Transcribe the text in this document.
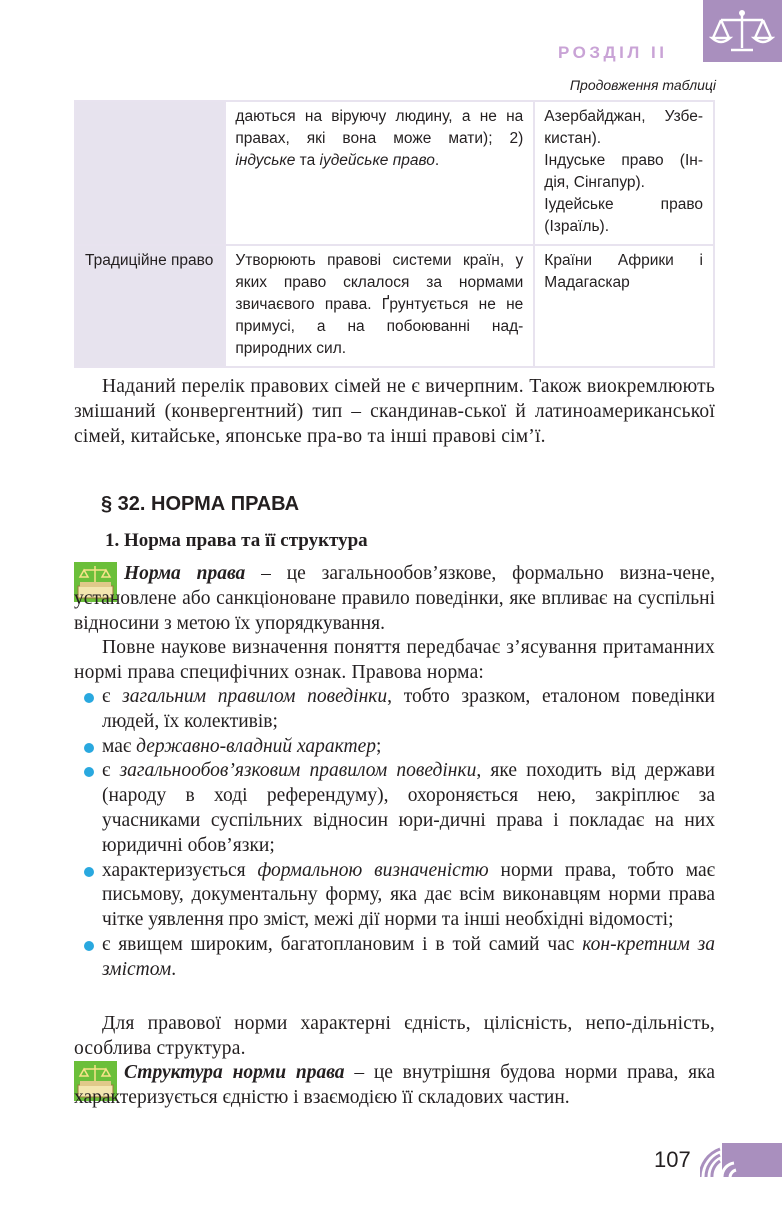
РОЗДІЛ II
Продовження таблиці
	даються на віруючу людину, а не на правах, які вона може мати); 2) індуське та іудейське право.	Азербайджан, Узбе-кистан).
Індуське право (Ін-дія, Сінгапур).
Іудейське право (Ізраїль).

Традиційне право	Утворюють правові системи країн, у яких право склалося за нормами звичаєвого права. Ґрунтується не не примусі, а на побоюванні над-природних сил.	Країни Африки і Мадагаскар

Наданий перелік правових сімей не є вичерпним. Також виокремлюють змішаний (конвергентний) тип – скандинав-ської й латиноамериканської сімей, китайське, японське пра-во та інші правові сім’ї.

§ 32. НОРМА ПРАВА
1. Норма права та її структура
Норма права – це загальнообов’язкове, формально визна-чене, установлене або санкціоноване правило поведінки, яке впливає на суспільні відносини з метою їх упорядкування.

Повне наукове визначення поняття передбачає з’ясування притаманних нормі права специфічних ознак. Правова норма:

є загальним правилом поведінки, тобто зразком, еталоном поведінки людей, їх колективів;
має державно-владний характер;
є загальнообов’язковим правилом поведінки, яке походить від держави (народу в ході референдуму), охороняється нею, закріплює за учасниками суспільних відносин юри-дичні права і покладає на них юридичні обов’язки;
характеризується формальною визначеністю норми права, тобто має письмову, документальну форму, яка дає всім виконавцям норми права чітке уявлення про зміст, межі дії норми та інші необхідні відомості;
є явищем широким, багатоплановим і в той самий час кон-кретним за змістом.

Для правової норми характерні єдність, цілісність, непо-дільність, особлива структура.

Структура норми права – це внутрішня будова норми права, яка характеризується єдністю і взаємодією її складових частин.
107
